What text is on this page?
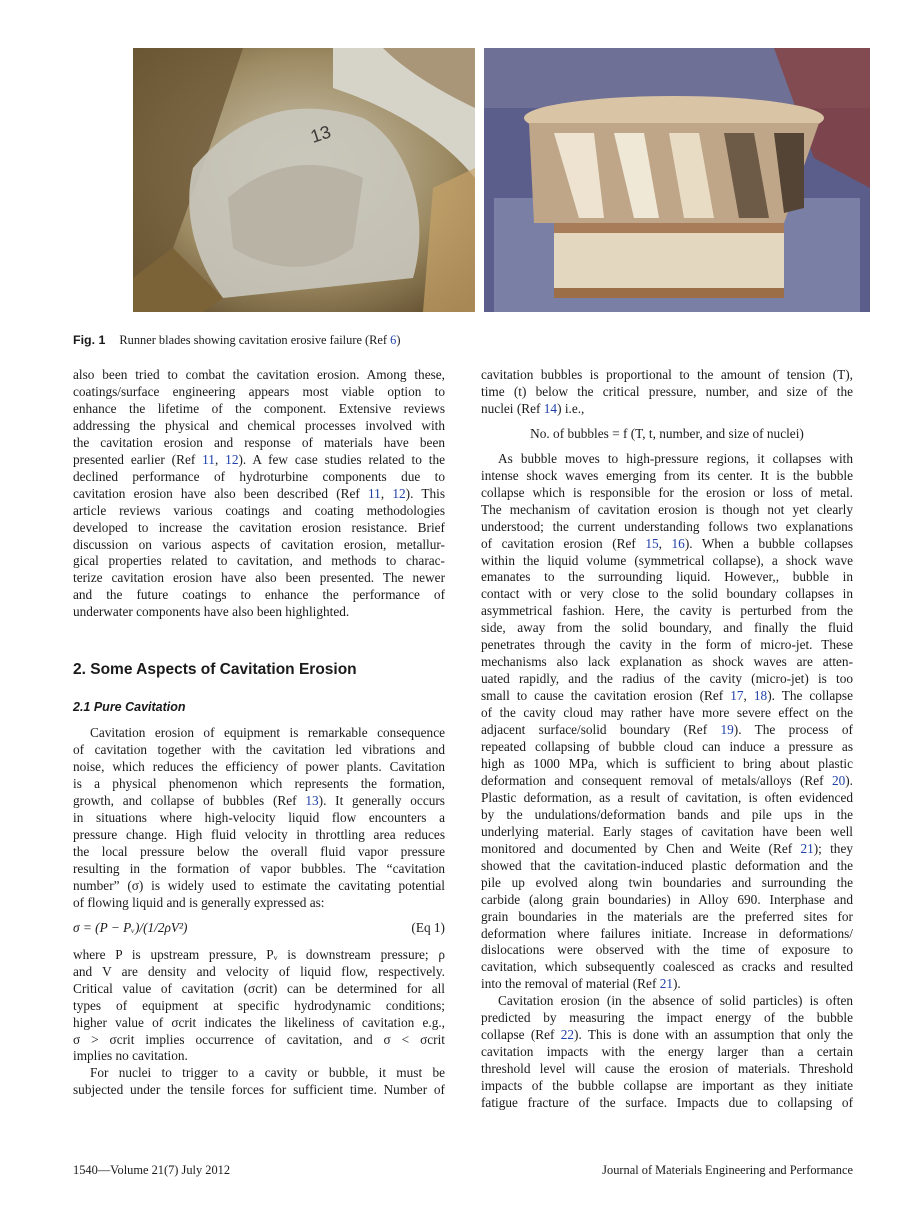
13
Fig. 1 Runner blades showing cavitation erosive failure (Ref 6)

also been tried to combat the cavitation erosion. Among these,
coatings/surface engineering appears most viable option to
enhance the lifetime of the component. Extensive reviews
addressing the physical and chemical processes involved with
the cavitation erosion and response of materials have been
presented earlier (Ref 11, 12). A few case studies related to the
declined performance of hydroturbine components due to
cavitation erosion have also been described (Ref 11, 12). This
article reviews various coatings and coating methodologies
developed to increase the cavitation erosion resistance. Brief
discussion on various aspects of cavitation erosion, metallur-
gical properties related to cavitation, and methods to charac-
terize cavitation erosion have also been presented. The newer
and the future coatings to enhance the performance of
underwater components have also been highlighted.

2. Some Aspects of Cavitation Erosion
2.1 Pure Cavitation

Cavitation erosion of equipment is remarkable consequence
of cavitation together with the cavitation led vibrations and
noise, which reduces the efficiency of power plants. Cavitation
is a physical phenomenon which represents the formation,
growth, and collapse of bubbles (Ref 13). It generally occurs
in situations where high-velocity liquid flow encounters a
pressure change. High fluid velocity in throttling area reduces
the local pressure below the overall fluid vapor pressure
resulting in the formation of vapor bubbles. The “cavitation
number” (σ) is widely used to estimate the cavitating potential
of flowing liquid and is generally expressed as:

σ = (P − Pᵥ)/(1/2ρV²)	(Eq 1)

where P is upstream pressure, Pᵥ is downstream pressure; ρ
and V are density and velocity of liquid flow, respectively.
Critical value of cavitation (σcrit) can be determined for all
types of equipment at specific hydrodynamic conditions;
higher value of σcrit indicates the likeliness of cavitation e.g.,
σ > σcrit implies occurrence of cavitation, and σ < σcrit
implies no cavitation.

For nuclei to trigger to a cavity or bubble, it must be
subjected under the tensile forces for sufficient time. Number of

cavitation bubbles is proportional to the amount of tension (T),
time (t) below the critical pressure, number, and size of the
nuclei (Ref 14) i.e.,

No. of bubbles = f (T, t, number, and size of nuclei)

As bubble moves to high-pressure regions, it collapses with
intense shock waves emerging from its center. It is the bubble
collapse which is responsible for the erosion or loss of metal.
The mechanism of cavitation erosion is though not yet clearly
understood; the current understanding follows two explanations
of cavitation erosion (Ref 15, 16). When a bubble collapses
within the liquid volume (symmetrical collapse), a shock wave
emanates to the surrounding liquid. However,, bubble in
contact with or very close to the solid boundary collapses in
asymmetrical fashion. Here, the cavity is perturbed from the
side, away from the solid boundary, and finally the fluid
penetrates through the cavity in the form of micro-jet. These
mechanisms also lack explanation as shock waves are atten-
uated rapidly, and the radius of the cavity (micro-jet) is too
small to cause the cavitation erosion (Ref 17, 18). The collapse
of the cavity cloud may rather have more severe effect on the
adjacent surface/solid boundary (Ref 19). The process of
repeated collapsing of bubble cloud can induce a pressure as
high as 1000 MPa, which is sufficient to bring about plastic
deformation and consequent removal of metals/alloys (Ref 20).
Plastic deformation, as a result of cavitation, is often evidenced
by the undulations/deformation bands and pile ups in the
underlying material. Early stages of cavitation have been well
monitored and documented by Chen and Weite (Ref 21); they
showed that the cavitation-induced plastic deformation and the
pile up evolved along twin boundaries and surrounding the
carbide (along grain boundaries) in Alloy 690. Interphase and
grain boundaries in the materials are the preferred sites for
deformation where failures initiate. Increase in deformations/
dislocations were observed with the time of exposure to
cavitation, which subsequently coalesced as cracks and resulted
into the removal of material (Ref 21).

Cavitation erosion (in the absence of solid particles) is often
predicted by measuring the impact energy of the bubble
collapse (Ref 22). This is done with an assumption that only the
cavitation impacts with the energy larger than a certain
threshold level will cause the erosion of materials. Threshold
impacts of the bubble collapse are important as they initiate
fatigue fracture of the surface. Impacts due to collapsing of

1540—Volume 21(7) July 2012	Journal of Materials Engineering and Performance
